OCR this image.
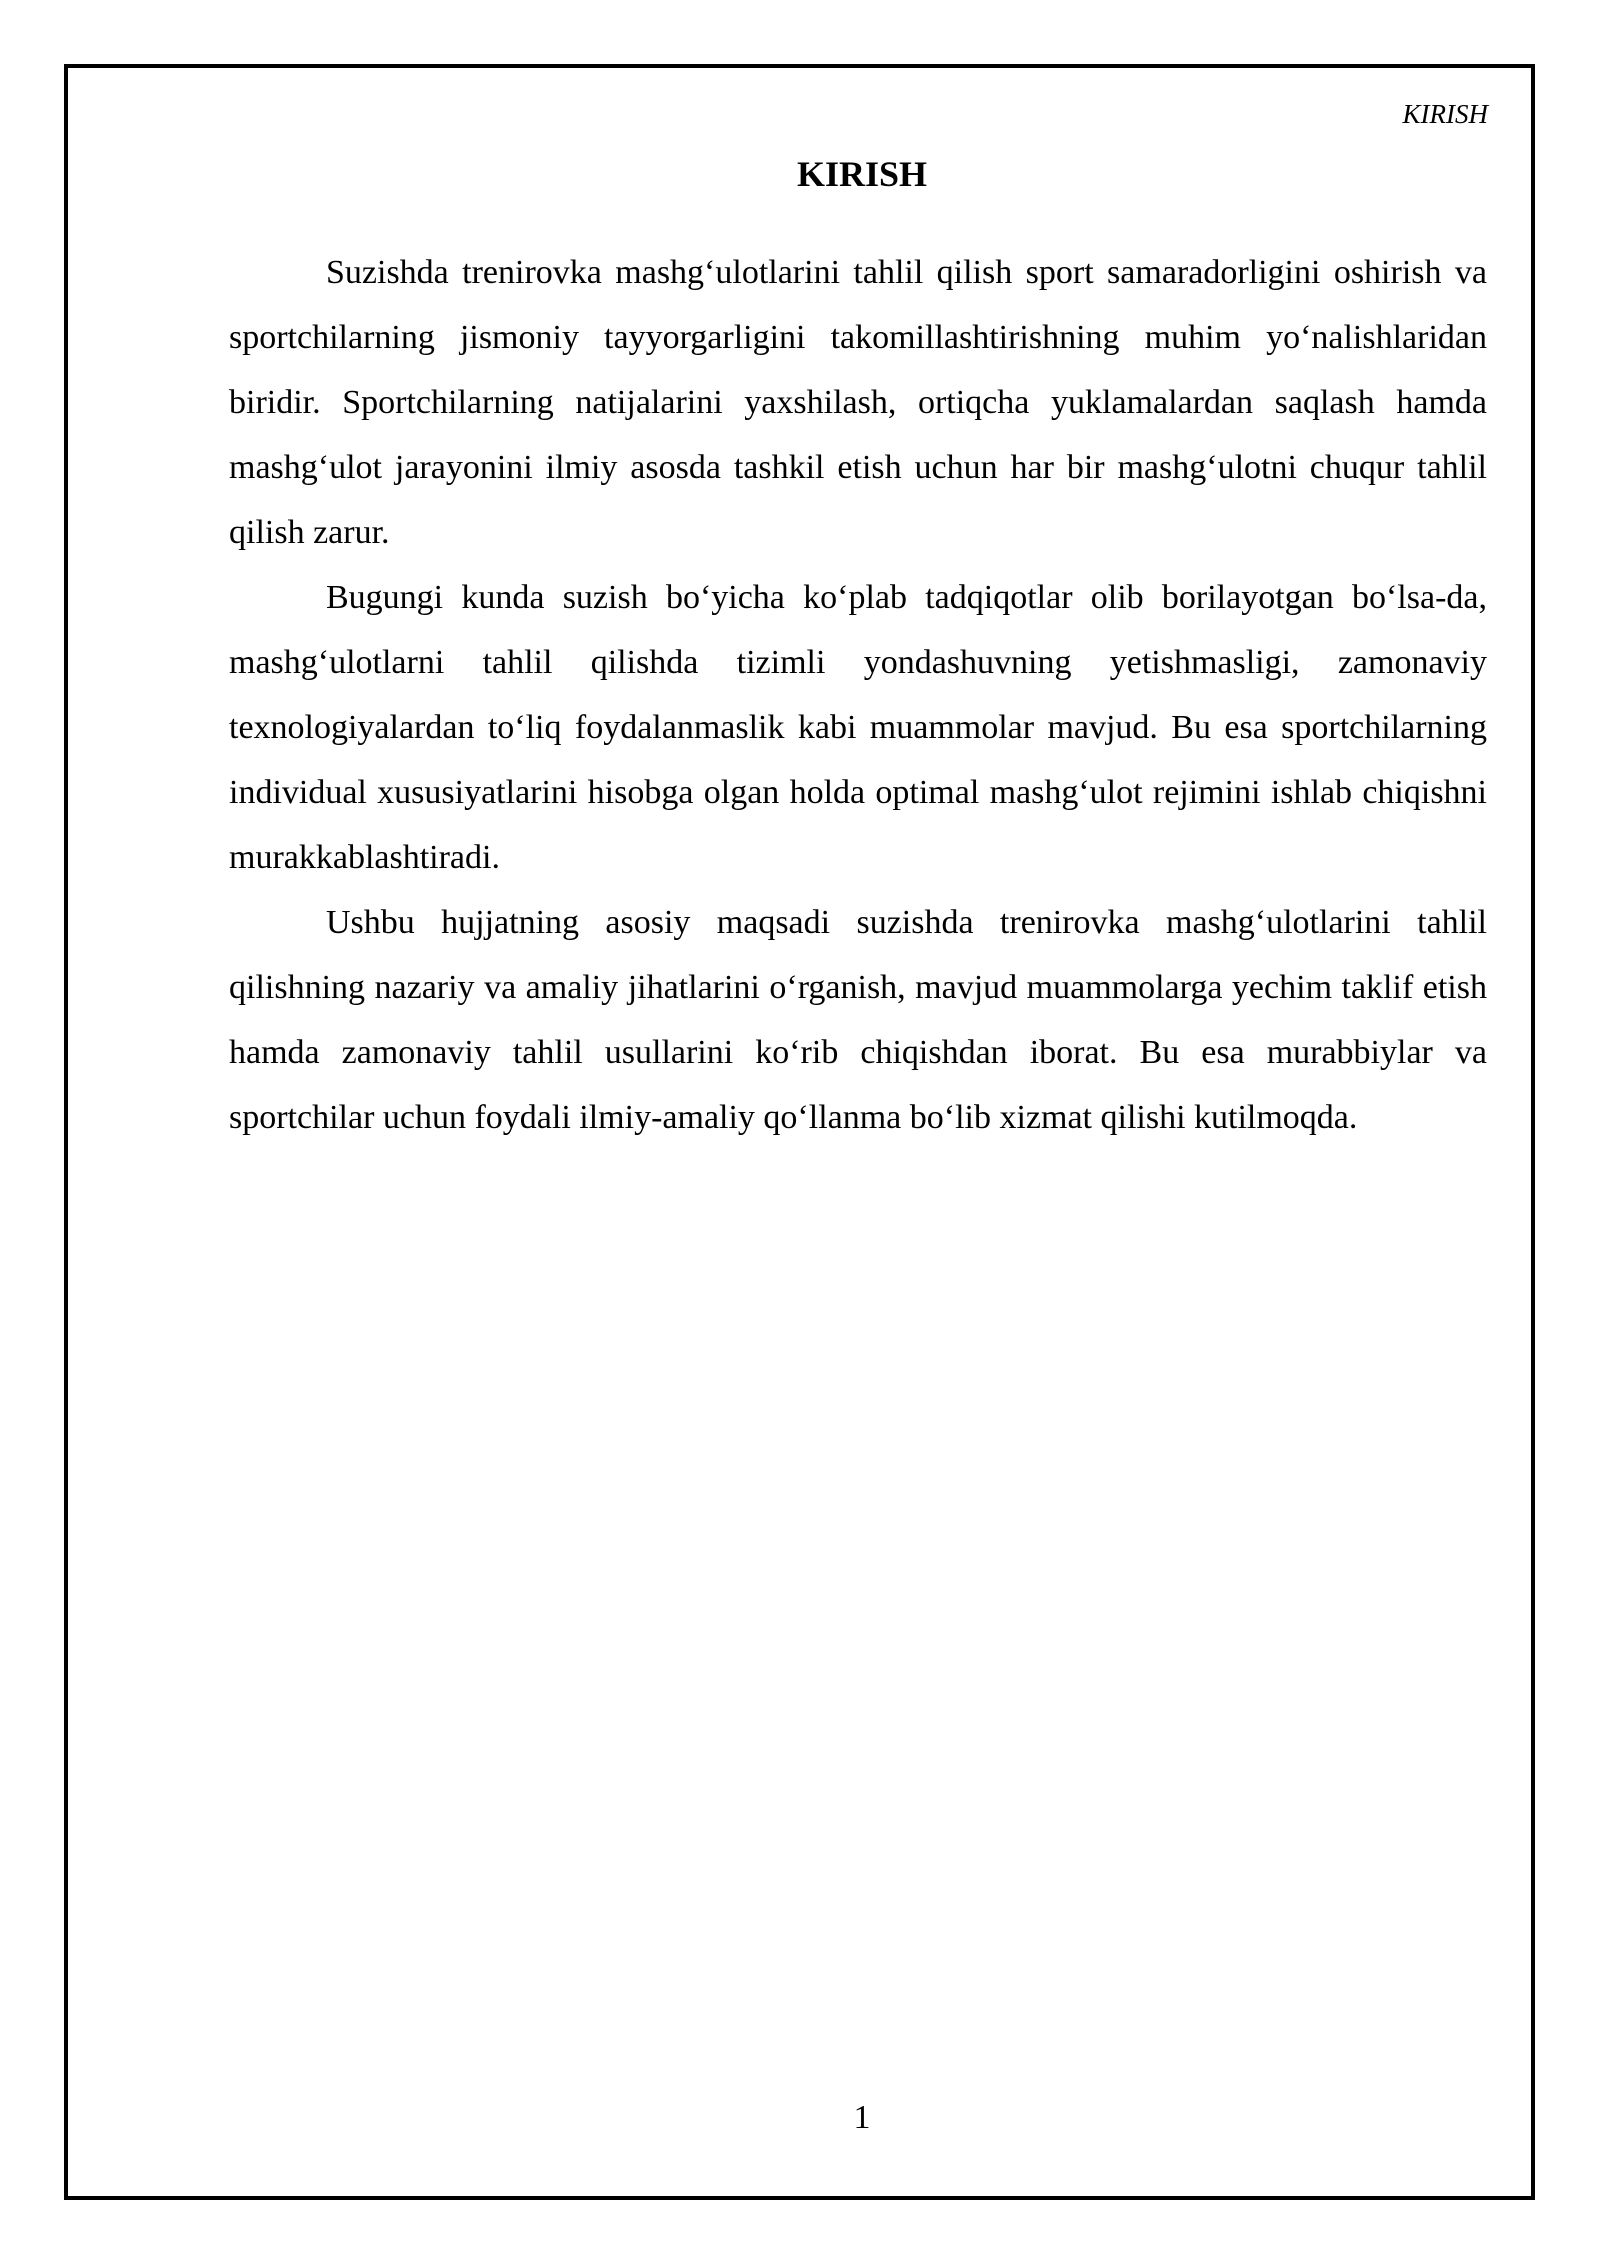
KIRISH
KIRISH

Suzishda trenirovka mashg‘ulotlarini tahlil qilish sport samaradorligini oshirish va sportchilarning jismoniy tayyorgarligini takomillashtirishning muhim yo‘nalishlaridan biridir. Sportchilarning natijalarini yaxshilash, ortiqcha yuklamalardan saqlash hamda mashg‘ulot jarayonini ilmiy asosda tashkil etish uchun har bir mashg‘ulotni chuqur tahlil qilish zarur.

Bugungi kunda suzish bo‘yicha ko‘plab tadqiqotlar olib borilayotgan bo‘lsa-da, mashg‘ulotlarni tahlil qilishda tizimli yondashuvning yetishmasligi, zamonaviy texnologiyalardan to‘liq foydalanmaslik kabi muammolar mavjud. Bu esa sportchilarning individual xususiyatlarini hisobga olgan holda optimal mashg‘ulot rejimini ishlab chiqishni murakkablashtiradi.

Ushbu hujjatning asosiy maqsadi suzishda trenirovka mashg‘ulotlarini tahlil qilishning nazariy va amaliy jihatlarini o‘rganish, mavjud muammolarga yechim taklif etish hamda zamonaviy tahlil usullarini ko‘rib chiqishdan iborat. Bu esa murabbiylar va sportchilar uchun foydali ilmiy-amaliy qo‘llanma bo‘lib xizmat qilishi kutilmoqda.

1
